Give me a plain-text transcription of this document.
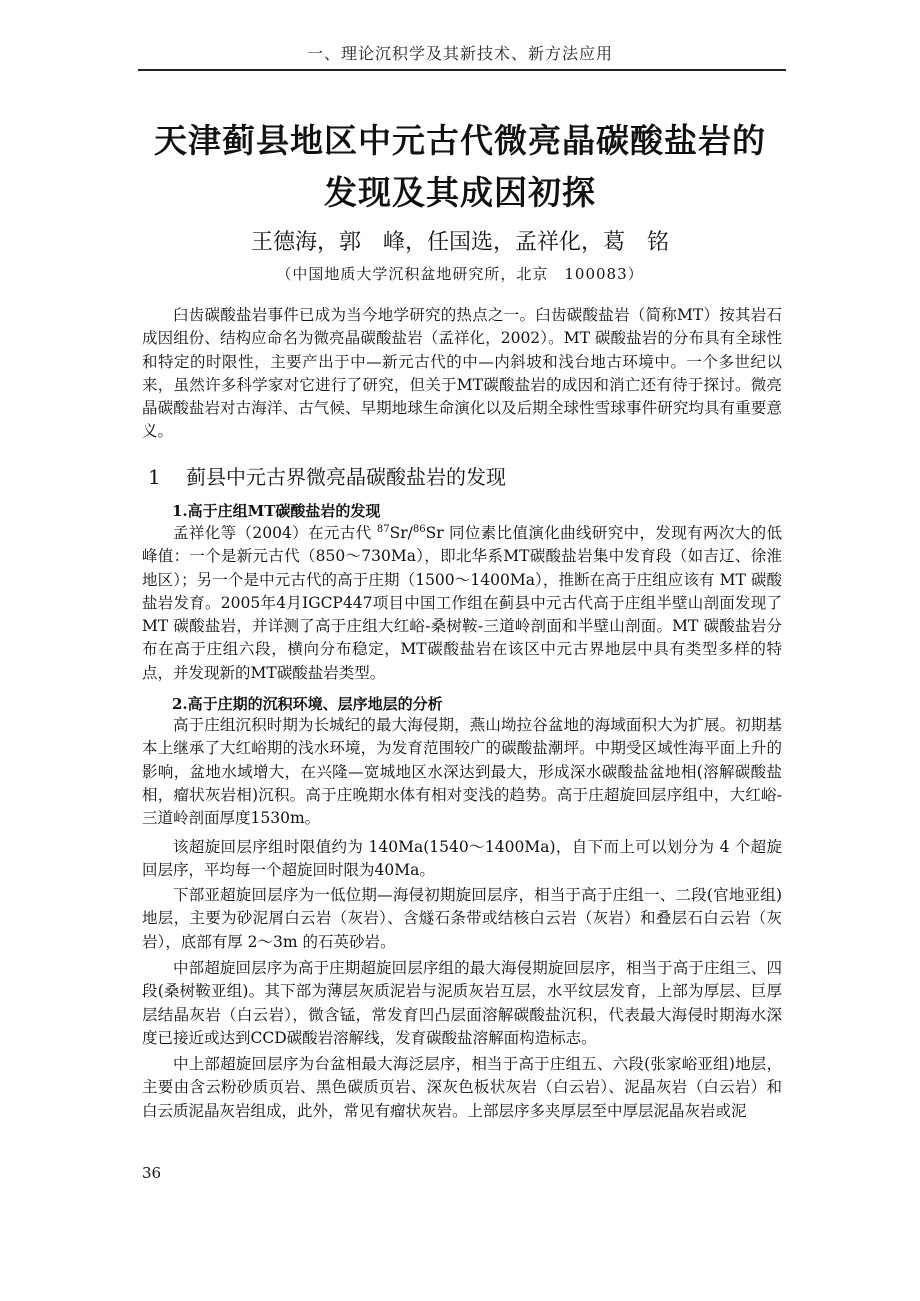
一、理论沉积学及其新技术、新方法应用
天津蓟县地区中元古代微亮晶碳酸盐岩的
发现及其成因初探
王德海，郭　峰，任国选，孟祥化，葛　铭
（中国地质大学沉积盆地研究所，北京　100083）

臼齿碳酸盐岩事件已成为当今地学研究的热点之一。臼齿碳酸盐岩（简称MT）按其岩石成因组份、结构应命名为微亮晶碳酸盐岩（孟祥化，2002）。MT 碳酸盐岩的分布具有全球性和特定的时限性，主要产出于中—新元古代的中—内斜坡和浅台地古环境中。一个多世纪以来，虽然许多科学家对它进行了研究，但关于MT碳酸盐岩的成因和消亡还有待于探讨。微亮晶碳酸盐岩对古海洋、古气候、早期地球生命演化以及后期全球性雪球事件研究均具有重要意义。

1 蓟县中元古界微亮晶碳酸盐岩的发现
1.高于庄组MT碳酸盐岩的发现

孟祥化等（2004）在元古代 $^{87}$Sr/$^{86}$Sr 同位素比值演化曲线研究中，发现有两次大的低峰值：一个是新元古代（850～730Ma），即北华系MT碳酸盐岩集中发育段（如吉辽、徐淮地区）；另一个是中元古代的高于庄期（1500～1400Ma），推断在高于庄组应该有 MT 碳酸盐岩发育。2005年4月IGCP447项目中国工作组在蓟县中元古代高于庄组半壁山剖面发现了 MT 碳酸盐岩，并详测了高于庄组大红峪-桑树鞍-三道岭剖面和半壁山剖面。MT 碳酸盐岩分布在高于庄组六段，横向分布稳定，MT碳酸盐岩在该区中元古界地层中具有类型多样的特点，并发现新的MT碳酸盐岩类型。

2.高于庄期的沉积环境、层序地层的分析

高于庄组沉积时期为长城纪的最大海侵期，燕山坳拉谷盆地的海域面积大为扩展。初期基本上继承了大红峪期的浅水环境，为发育范围较广的碳酸盐潮坪。中期受区域性海平面上升的影响，盆地水域增大，在兴隆—宽城地区水深达到最大，形成深水碳酸盐盆地相(溶解碳酸盐相，瘤状灰岩相)沉积。高于庄晚期水体有相对变浅的趋势。高于庄超旋回层序组中，大红峪-三道岭剖面厚度1530m。

该超旋回层序组时限值约为 140Ma(1540～1400Ma)，自下而上可以划分为 4 个超旋回层序，平均每一个超旋回时限为40Ma。

下部亚超旋回层序为一低位期—海侵初期旋回层序，相当于高于庄组一、二段(官地亚组)地层，主要为砂泥屑白云岩（灰岩）、含燧石条带或结核白云岩（灰岩）和叠层石白云岩（灰岩），底部有厚 2～3m 的石英砂岩。

中部超旋回层序为高于庄期超旋回层序组的最大海侵期旋回层序，相当于高于庄组三、四段(桑树鞍亚组)。其下部为薄层灰质泥岩与泥质灰岩互层，水平纹层发育，上部为厚层、巨厚层结晶灰岩（白云岩），微含锰，常发育凹凸层面溶解碳酸盐沉积，代表最大海侵时期海水深度已接近或达到CCD碳酸岩溶解线，发育碳酸盐溶解面构造标志。

中上部超旋回层序为台盆相最大海泛层序，相当于高于庄组五、六段(张家峪亚组)地层，主要由含云粉砂质页岩、黑色碳质页岩、深灰色板状灰岩（白云岩）、泥晶灰岩（白云岩）和白云质泥晶灰岩组成，此外，常见有瘤状灰岩。上部层序多夹厚层至中厚层泥晶灰岩或泥

36
